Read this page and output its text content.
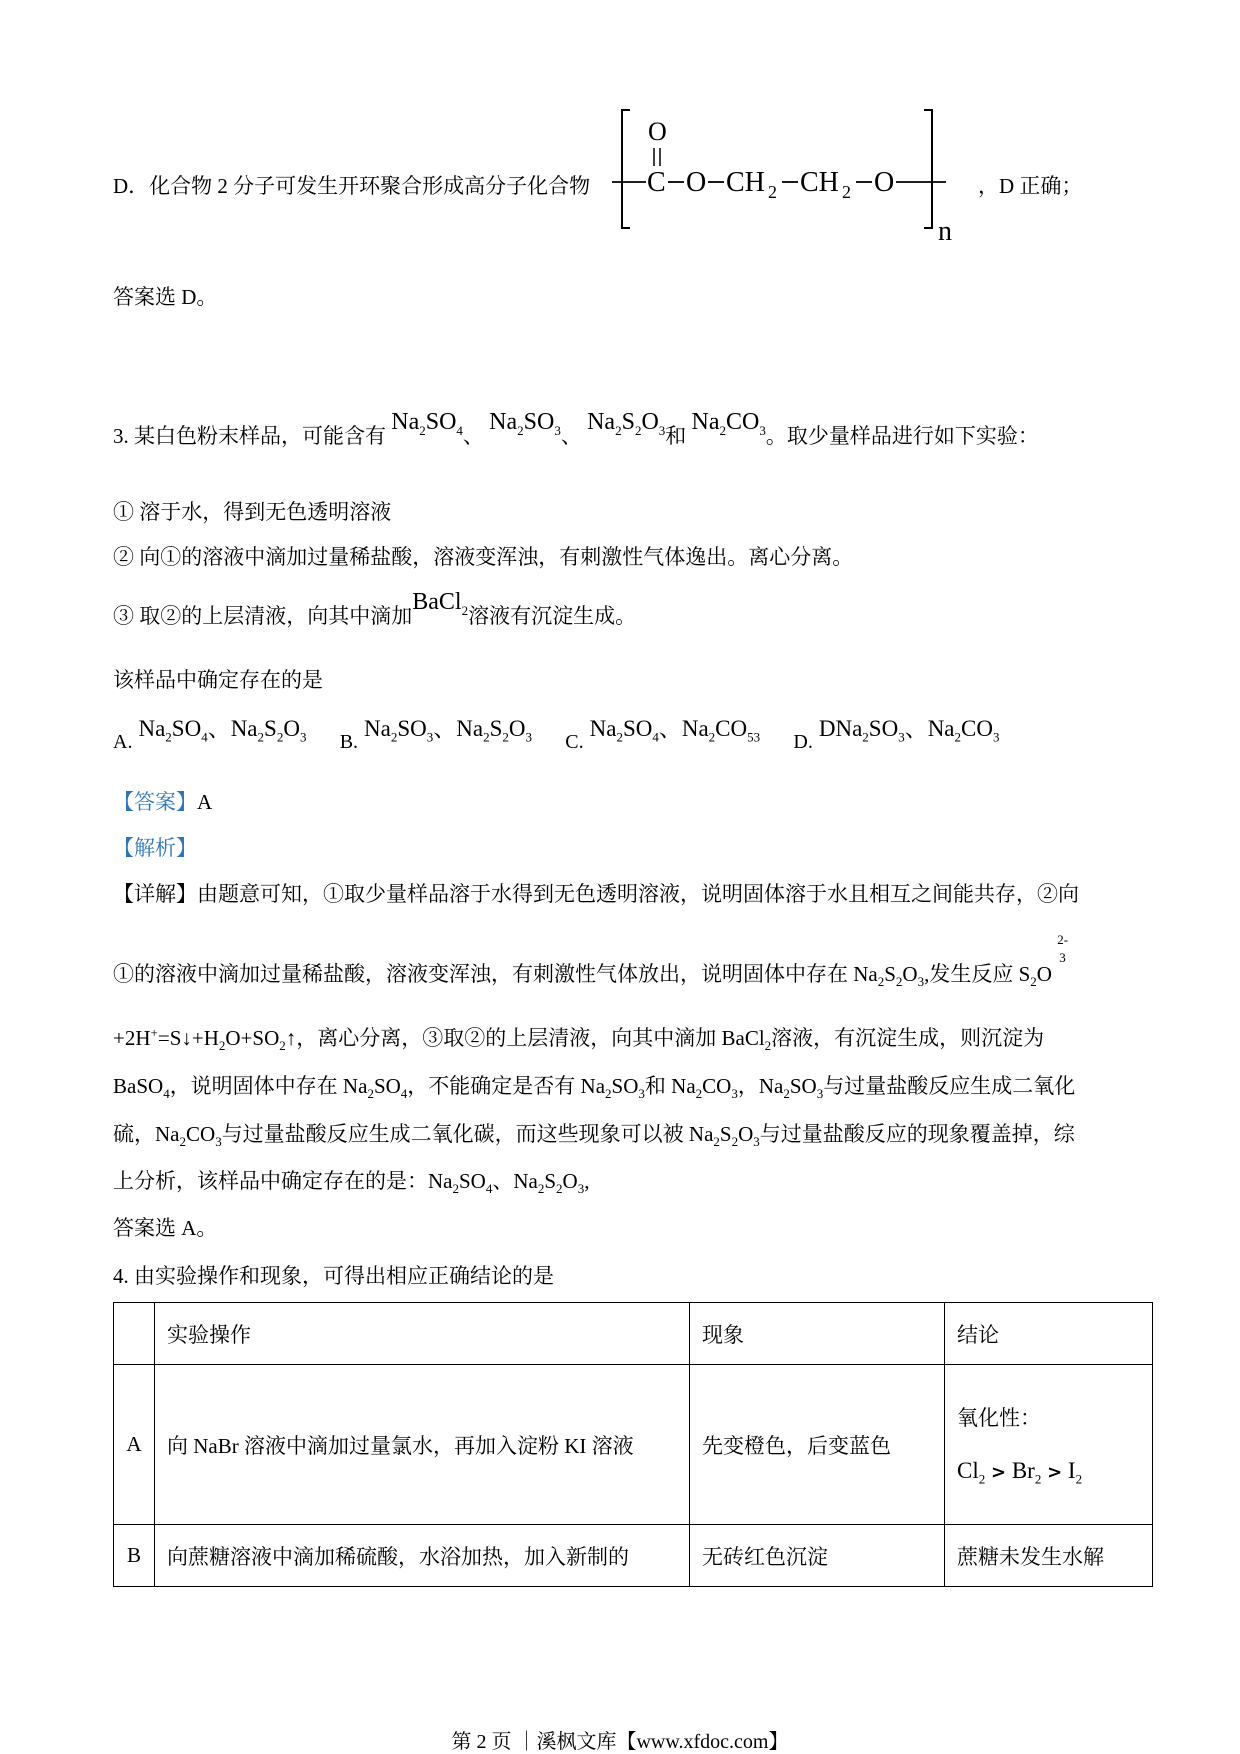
D．化合物 2 分子可发生开环聚合形成高分子化合物
O
C O CH 2 CH 2 O
n
，D 正确；
答案选 D。
3. 某白色粉末样品，可能含有 $Na_2SO_4$、 $Na_2SO_3$、 $Na_2S_2O_3$和 $Na_2CO_3$。取少量样品进行如下实验：
① 溶于水，得到无色透明溶液
② 向①的溶液中滴加过量稀盐酸，溶液变浑浊，有刺激性气体逸出。离心分离。
③ 取②的上层清液，向其中滴加BaCl$_2$溶液有沉淀生成。
该样品中确定存在的是
$A.Na_2SO_4$、$Na_2S_2O_3$ $B.Na_2SO_3$、$Na_2S_2O_3$ $C.Na_2SO_4$、$Na_2CO_{53}$ $D.DNa_2SO_3$、$Na_2CO_3$
【答案】A
【解析】
【详解】由题意可知，①取少量样品溶于水得到无色透明溶液，说明固体溶于水且相互之间能共存，②向
①的溶液中滴加过量稀盐酸，溶液变浑浊，有刺激性气体放出，说明固体中存在 $Na_2S_2O_3$,发生反应 $S_2O$
2-
3
$+2H^+=S↓+H_2O+SO_2↑$，离心分离，③取②的上层清液，向其中滴加 BaCl$_2$溶液，有沉淀生成，则沉淀为
BaSO$_4$，说明固体中存在 $Na_2SO_4$，不能确定是否有 $Na_2SO_3$和 $Na_2CO_3$，$Na_2SO_3$与过量盐酸反应生成二氧化
硫，$Na_2CO_3$与过量盐酸反应生成二氧化碳，而这些现象可以被 $Na_2S_2O_3$与过量盐酸反应的现象覆盖掉，综
上分析，该样品中确定存在的是：$Na_2SO_4$、$Na_2S_2O_3$,
答案选 A。
4. 由实验操作和现象，可得出相应正确结论的是
	实验操作	现象	结论
A	向 NaBr 溶液中滴加过量氯水，再加入淀粉 KI 溶液	先变橙色，后变蓝色	氧化性：
$Cl_2 > Br_2 > I_2$

B	向蔗糖溶液中滴加稀硫酸，水浴加热，加入新制的	无砖红色沉淀	蔗糖未发生水解
第 2 页 ｜溪枫文库【www.xfdoc.com】
